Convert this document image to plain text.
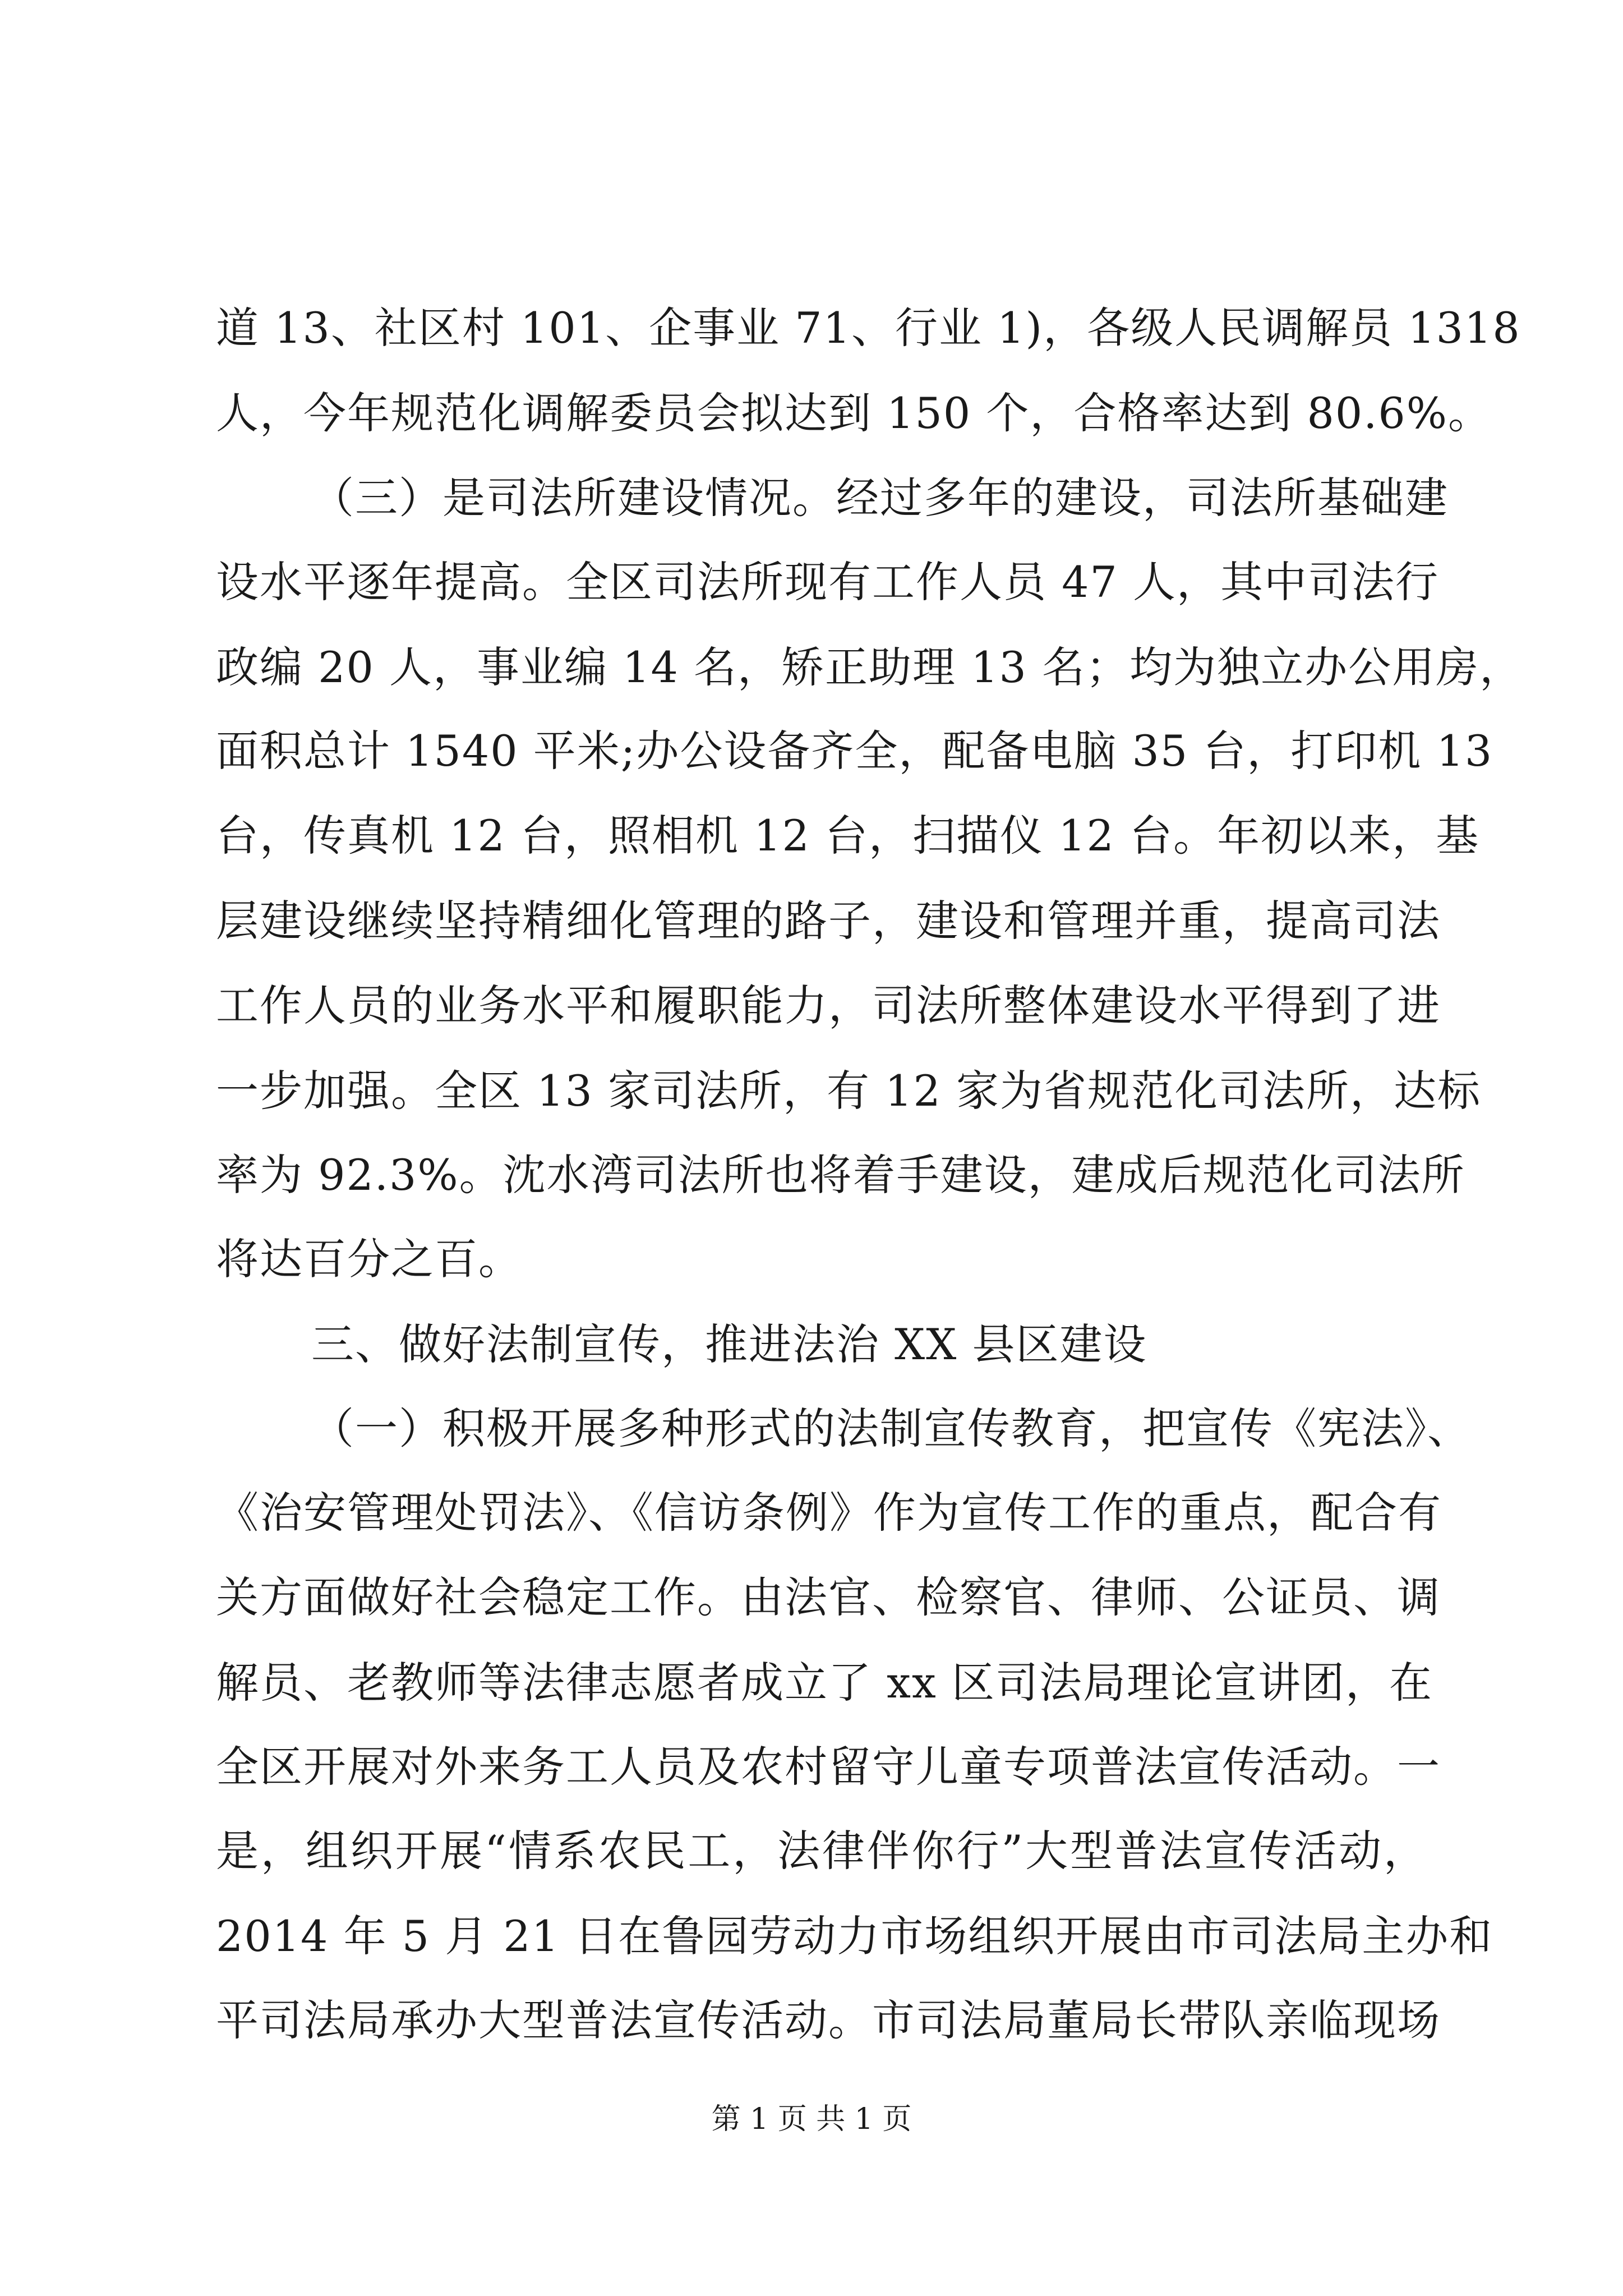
道 13、社区村 101、企事业 71、行业 1)，各级人民调解员 1318
人，今年规范化调解委员会拟达到 150 个，合格率达到 80.6%。
（三）是司法所建设情况。经过多年的建设，司法所基础建
设水平逐年提高。全区司法所现有工作人员 47 人，其中司法行
政编 20 人，事业编 14 名，矫正助理 13 名；均为独立办公用房，
面积总计 1540 平米;办公设备齐全，配备电脑 35 台，打印机 13
台，传真机 12 台，照相机 12 台，扫描仪 12 台。年初以来，基
层建设继续坚持精细化管理的路子，建设和管理并重，提高司法
工作人员的业务水平和履职能力，司法所整体建设水平得到了进
一步加强。全区 13 家司法所，有 12 家为省规范化司法所，达标
率为 92.3%。沈水湾司法所也将着手建设，建成后规范化司法所
将达百分之百。
三、做好法制宣传，推进法治 XX 县区建设
（一）积极开展多种形式的法制宣传教育，把宣传《宪法》、
《治安管理处罚法》、《信访条例》作为宣传工作的重点，配合有
关方面做好社会稳定工作。由法官、检察官、律师、公证员、调
解员、老教师等法律志愿者成立了 xx 区司法局理论宣讲团，在
全区开展对外来务工人员及农村留守儿童专项普法宣传活动。一
是，组织开展“情系农民工，法律伴你行”大型普法宣传活动，
2014 年 5 月 21 日在鲁园劳动力市场组织开展由市司法局主办和
平司法局承办大型普法宣传活动。市司法局董局长带队亲临现场
第 1 页 共 1 页
